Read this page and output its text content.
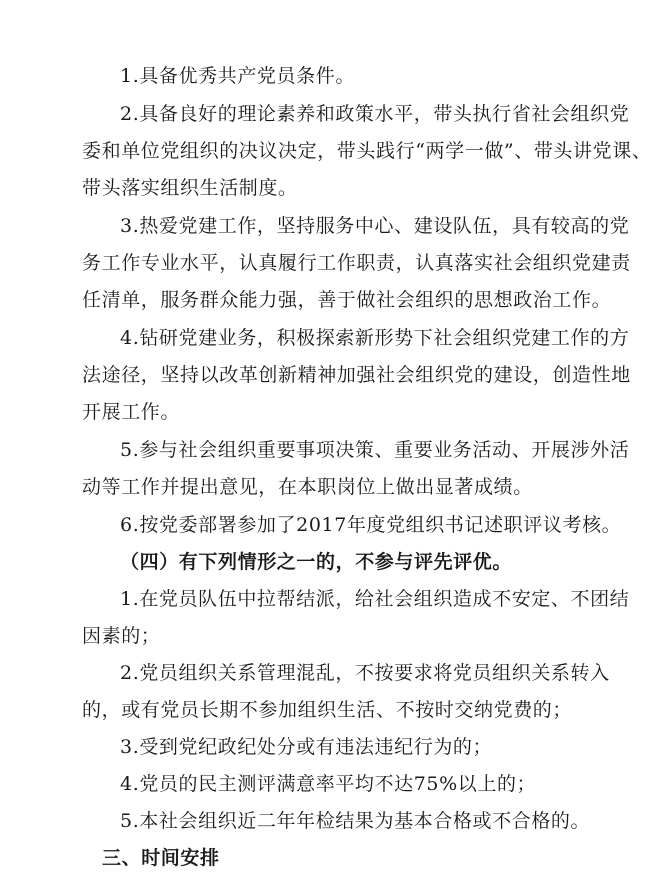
1.具备优秀共产党员条件。
2.具备良好的理论素养和政策水平，带头执行省社会组织党
委和单位党组织的决议决定，带头践行“两学一做”、带头讲党课、
带头落实组织生活制度。
3.热爱党建工作，坚持服务中心、建设队伍，具有较高的党
务工作专业水平，认真履行工作职责，认真落实社会组织党建责
任清单，服务群众能力强，善于做社会组织的思想政治工作。
4.钻研党建业务，积极探索新形势下社会组织党建工作的方
法途径，坚持以改革创新精神加强社会组织党的建设，创造性地
开展工作。
5.参与社会组织重要事项决策、重要业务活动、开展涉外活
动等工作并提出意见，在本职岗位上做出显著成绩。
6.按党委部署参加了2017年度党组织书记述职评议考核。
（四）有下列情形之一的，不参与评先评优。
1.在党员队伍中拉帮结派，给社会组织造成不安定、不团结
因素的；
2.党员组织关系管理混乱，不按要求将党员组织关系转入
的，或有党员长期不参加组织生活、不按时交纳党费的；
3.受到党纪政纪处分或有违法违纪行为的；
4.党员的民主测评满意率平均不达75%以上的；
5.本社会组织近二年年检结果为基本合格或不合格的。
三、时间安排
